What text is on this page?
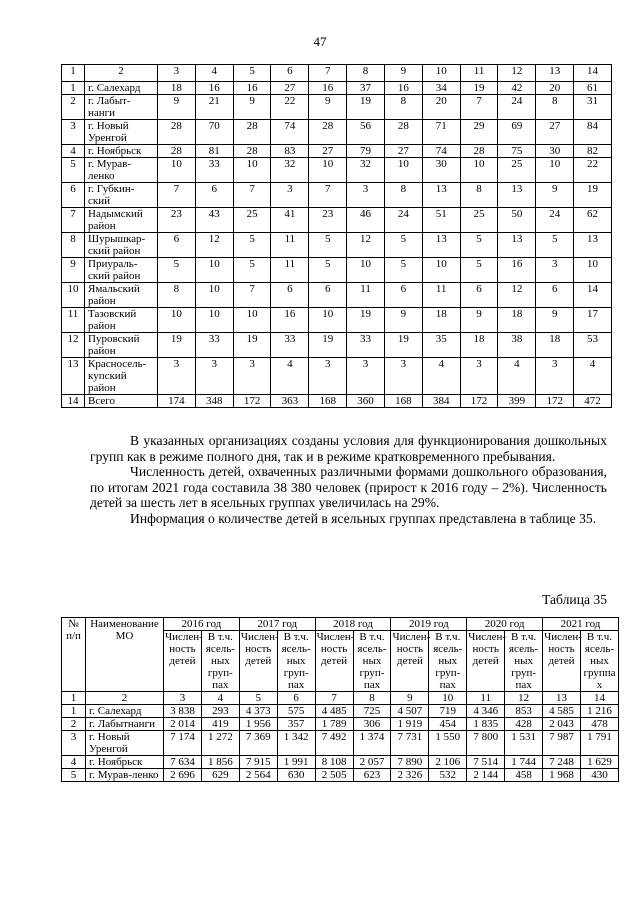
47
1	2	3	4	5	6	7	8	9	10	11	12	13	14
1	г. Салехард	18	16	16	27	16	37	16	34	19	42	20	61
2	г. Лабыт-нанги	9	21	9	22	9	19	8	20	7	24	8	31
3	г. Новый Уренгой	28	70	28	74	28	56	28	71	29	69	27	84
4	г. Ноябрьск	28	81	28	83	27	79	27	74	28	75	30	82
5	г. Мурав-ленко	10	33	10	32	10	32	10	30	10	25	10	22
6	г. Губкин-ский	7	6	7	3	7	3	8	13	8	13	9	19
7	Надымский район	23	43	25	41	23	46	24	51	25	50	24	62
8	Шурышкар-ский район	6	12	5	11	5	12	5	13	5	13	5	13
9	Приураль-ский район	5	10	5	11	5	10	5	10	5	16	3	10
10	Ямальский район	8	10	7	6	6	11	6	11	6	12	6	14
11	Тазовский район	10	10	10	16	10	19	9	18	9	18	9	17
12	Пуровский район	19	33	19	33	19	33	19	35	18	38	18	53
13	Красносель-купский район	3	3	3	4	3	3	3	4	3	4	3	4
14	Всего	174	348	172	363	168	360	168	384	172	399	172	472

В указанных организациях созданы условия для функционирования дошкольных групп как в режиме полного дня, так и в режиме кратковременного пребывания.

Численность детей, охваченных различными формами дошкольного образования, по итогам 2021 года составила 38 380 человек (прирост к 2016 году – 2%). Численность детей за шесть лет в ясельных группах увеличилась на 29%.

Информация о количестве детей в ясельных группах представлена в таблице 35.

Таблица 35
№ п/п	Наименование МО	2016 год		2017 год		2018 год		2019 год		2020 год		2021 год	
		Числен-ность детей	В т.ч. ясель-ных груп-пах	Числен-ность детей	В т.ч. ясель-ных груп-пах	Числен-ность детей	В т.ч. ясель-ных груп-пах	Числен-ность детей	В т.ч. ясель-ных груп-пах	Числен-ность детей	В т.ч. ясель-ных груп-пах	Числен-ность детей	В т.ч. ясель-ных группа х
1	2	3	4	5	6	7	8	9	10	11	12	13	14
1	г. Салехард	3 838	293	4 373	575	4 485	725	4 507	719	4 346	853	4 585	1 216
2	г. Лабытнанги	2 014	419	1 956	357	1 789	306	1 919	454	1 835	428	2 043	478
3	г. Новый Уренгой	7 174	1 272	7 369	1 342	7 492	1 374	7 731	1 550	7 800	1 531	7 987	1 791
4	г. Ноябрьск	7 634	1 856	7 915	1 991	8 108	2 057	7 890	2 106	7 514	1 744	7 248	1 629
5	г. Мурав-ленко	2 696	629	2 564	630	2 505	623	2 326	532	2 144	458	1 968	430
